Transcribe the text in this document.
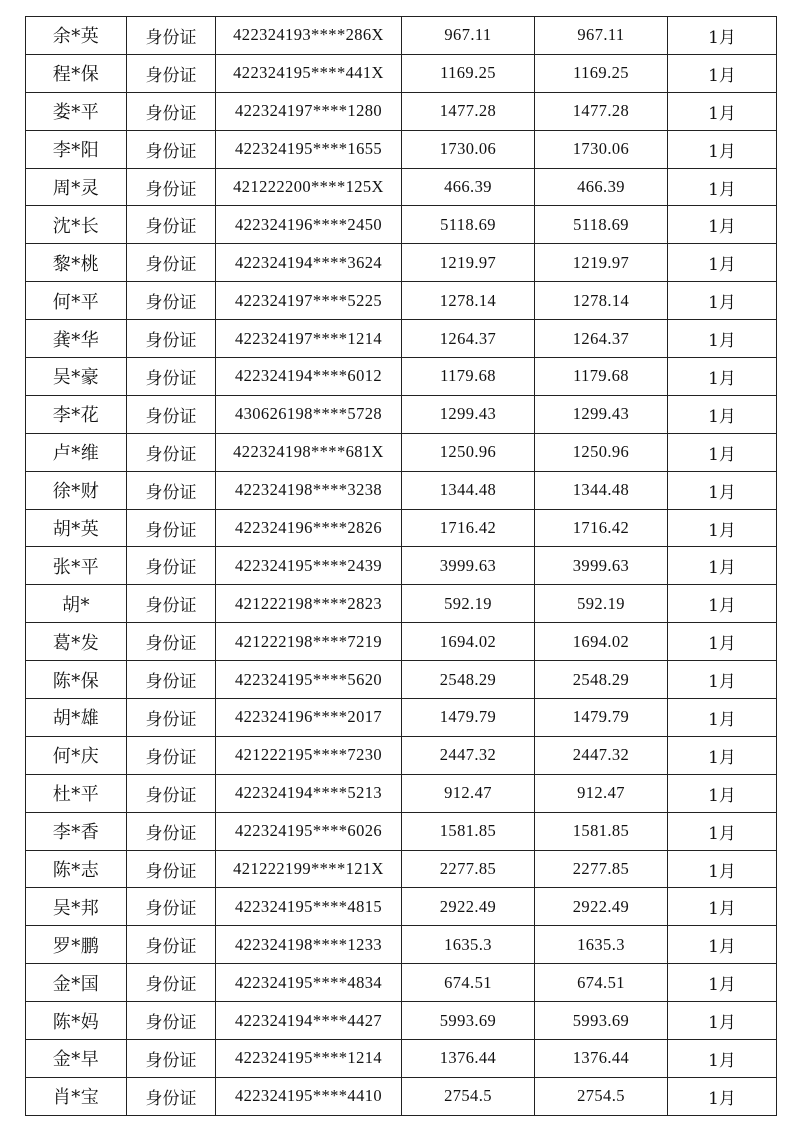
余*英	身份证	422324193****286X	967.11	967.11	1月
程*保	身份证	422324195****441X	1169.25	1169.25	1月
娄*平	身份证	422324197****1280	1477.28	1477.28	1月
李*阳	身份证	422324195****1655	1730.06	1730.06	1月
周*灵	身份证	421222200****125X	466.39	466.39	1月
沈*长	身份证	422324196****2450	5118.69	5118.69	1月
黎*桃	身份证	422324194****3624	1219.97	1219.97	1月
何*平	身份证	422324197****5225	1278.14	1278.14	1月
龚*华	身份证	422324197****1214	1264.37	1264.37	1月
吴*豪	身份证	422324194****6012	1179.68	1179.68	1月
李*花	身份证	430626198****5728	1299.43	1299.43	1月
卢*维	身份证	422324198****681X	1250.96	1250.96	1月
徐*财	身份证	422324198****3238	1344.48	1344.48	1月
胡*英	身份证	422324196****2826	1716.42	1716.42	1月
张*平	身份证	422324195****2439	3999.63	3999.63	1月
胡*	身份证	421222198****2823	592.19	592.19	1月
葛*发	身份证	421222198****7219	1694.02	1694.02	1月
陈*保	身份证	422324195****5620	2548.29	2548.29	1月
胡*雄	身份证	422324196****2017	1479.79	1479.79	1月
何*庆	身份证	421222195****7230	2447.32	2447.32	1月
杜*平	身份证	422324194****5213	912.47	912.47	1月
李*香	身份证	422324195****6026	1581.85	1581.85	1月
陈*志	身份证	421222199****121X	2277.85	2277.85	1月
吴*邦	身份证	422324195****4815	2922.49	2922.49	1月
罗*鹏	身份证	422324198****1233	1635.3	1635.3	1月
金*国	身份证	422324195****4834	674.51	674.51	1月
陈*妈	身份证	422324194****4427	5993.69	5993.69	1月
金*早	身份证	422324195****1214	1376.44	1376.44	1月
肖*宝	身份证	422324195****4410	2754.5	2754.5	1月
